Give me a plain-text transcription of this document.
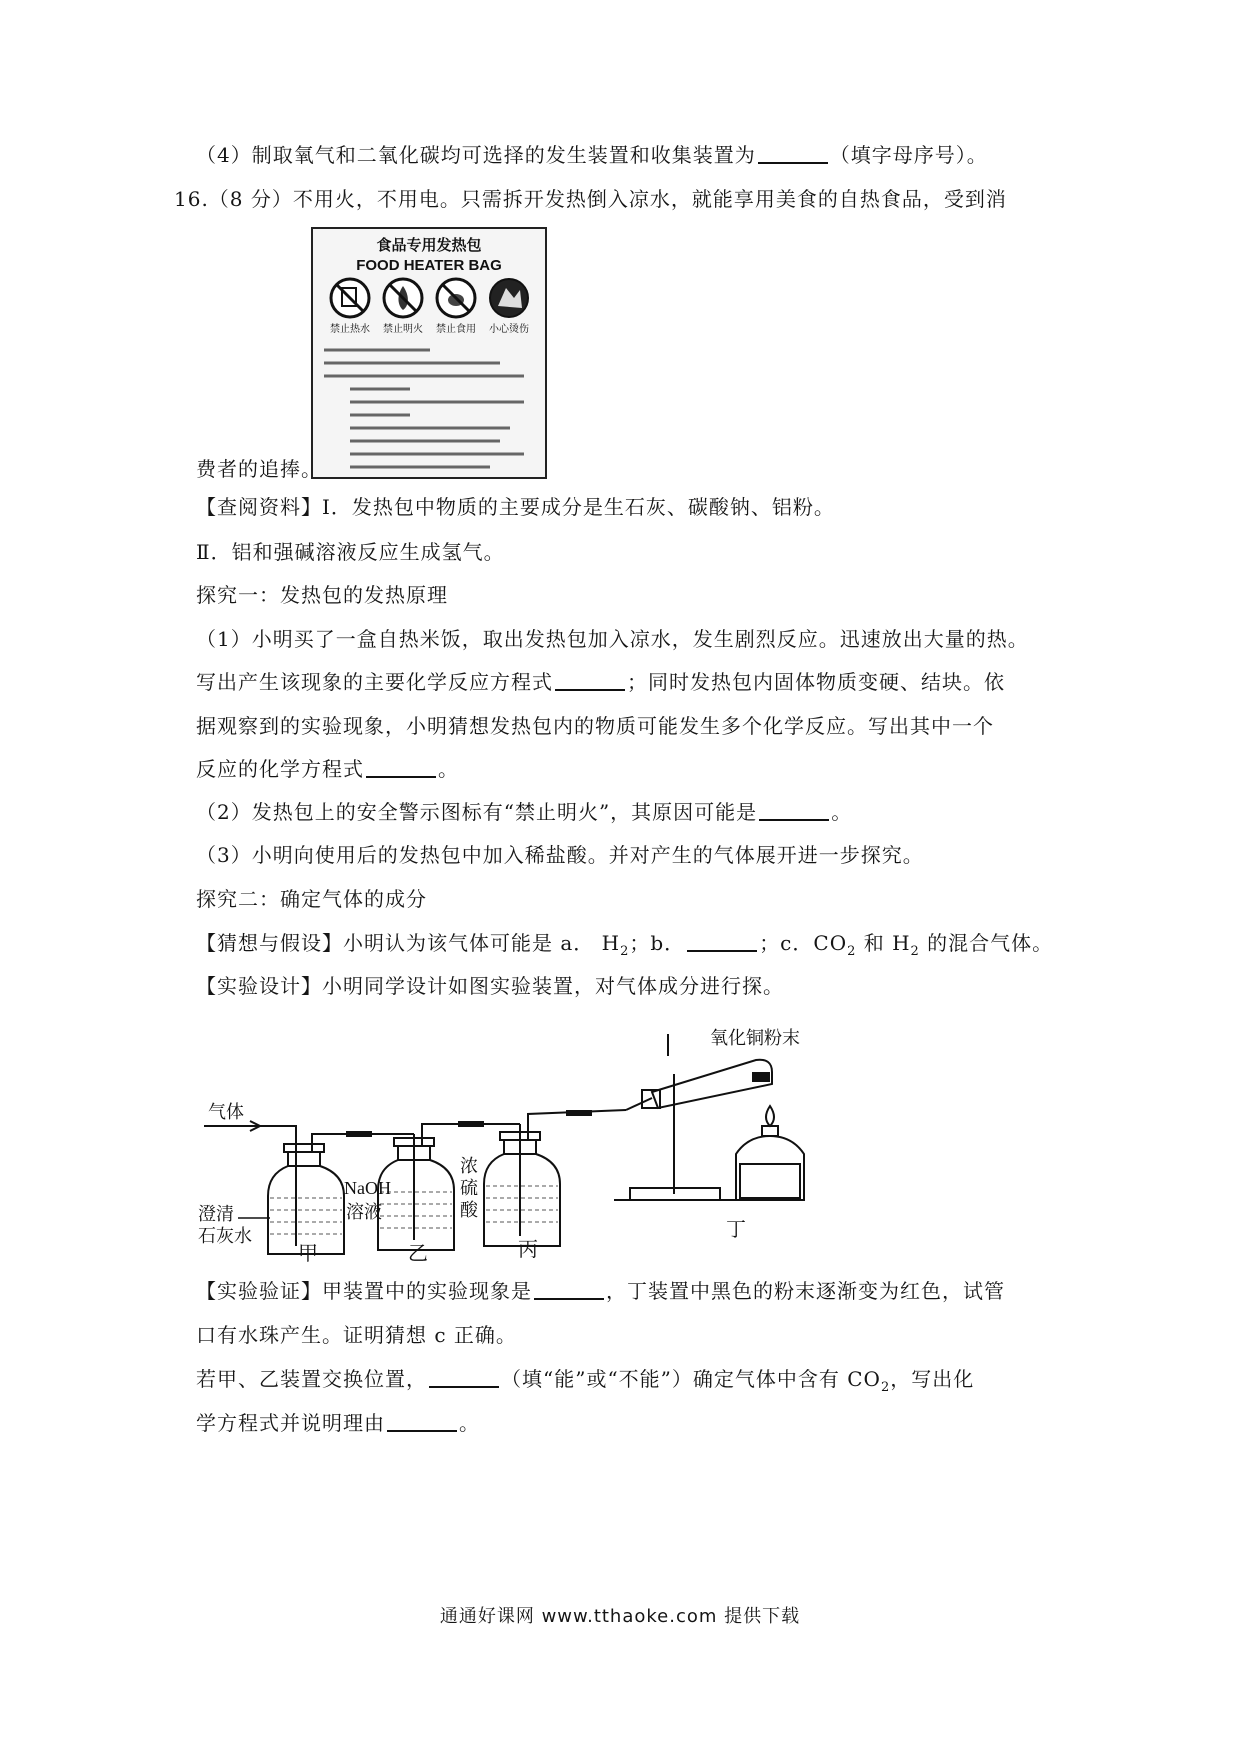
（4）制取氧气和二氧化碳均可选择的发生装置和收集装置为	（填字母序号）。
16.（8 分）不用火，不用电。只需拆开发热倒入凉水，就能享用美食的自热食品，受到消
食品专用发热包
FOOD HEATER BAG
禁止热水 禁止明火 禁止食用 小心烫伤
费者的追捧。
【查阅资料】Ⅰ．发热包中物质的主要成分是生石灰、碳酸钠、铝粉。
Ⅱ．铝和强碱溶液反应生成氢气。
探究一：发热包的发热原理
（1）小明买了一盒自热米饭，取出发热包加入凉水，发生剧烈反应。迅速放出大量的热。
写出产生该现象的主要化学反应方程式	；同时发热包内固体物质变硬、结块。依
据观察到的实验现象，小明猜想发热包内的物质可能发生多个化学反应。写出其中一个
反应的化学方程式	。
（2）发热包上的安全警示图标有“禁止明火”，其原因可能是	。
（3）小明向使用后的发热包中加入稀盐酸。并对产生的气体展开进一步探究。
探究二：确定气体的成分
【猜想与假设】小明认为该气体可能是 a． $H_2$；b．	；c．$CO_2$ 和 $H_2$ 的混合气体。
【实验设计】小明同学设计如图实验装置，对气体成分进行探。
气体
氧化铜粉末
NaOH
溶液
浓
硫
酸
澄清
石灰水
甲	乙	丙
丁
【实验验证】甲装置中的实验现象是	，丁装置中黑色的粉末逐渐变为红色，试管
口有水珠产生。证明猜想 c 正确。
若甲、乙装置交换位置，	（填“能”或“不能”）确定气体中含有 $CO_2$，写出化
学方程式并说明理由	。
通通好课网 www.tthaoke.com 提供下载
